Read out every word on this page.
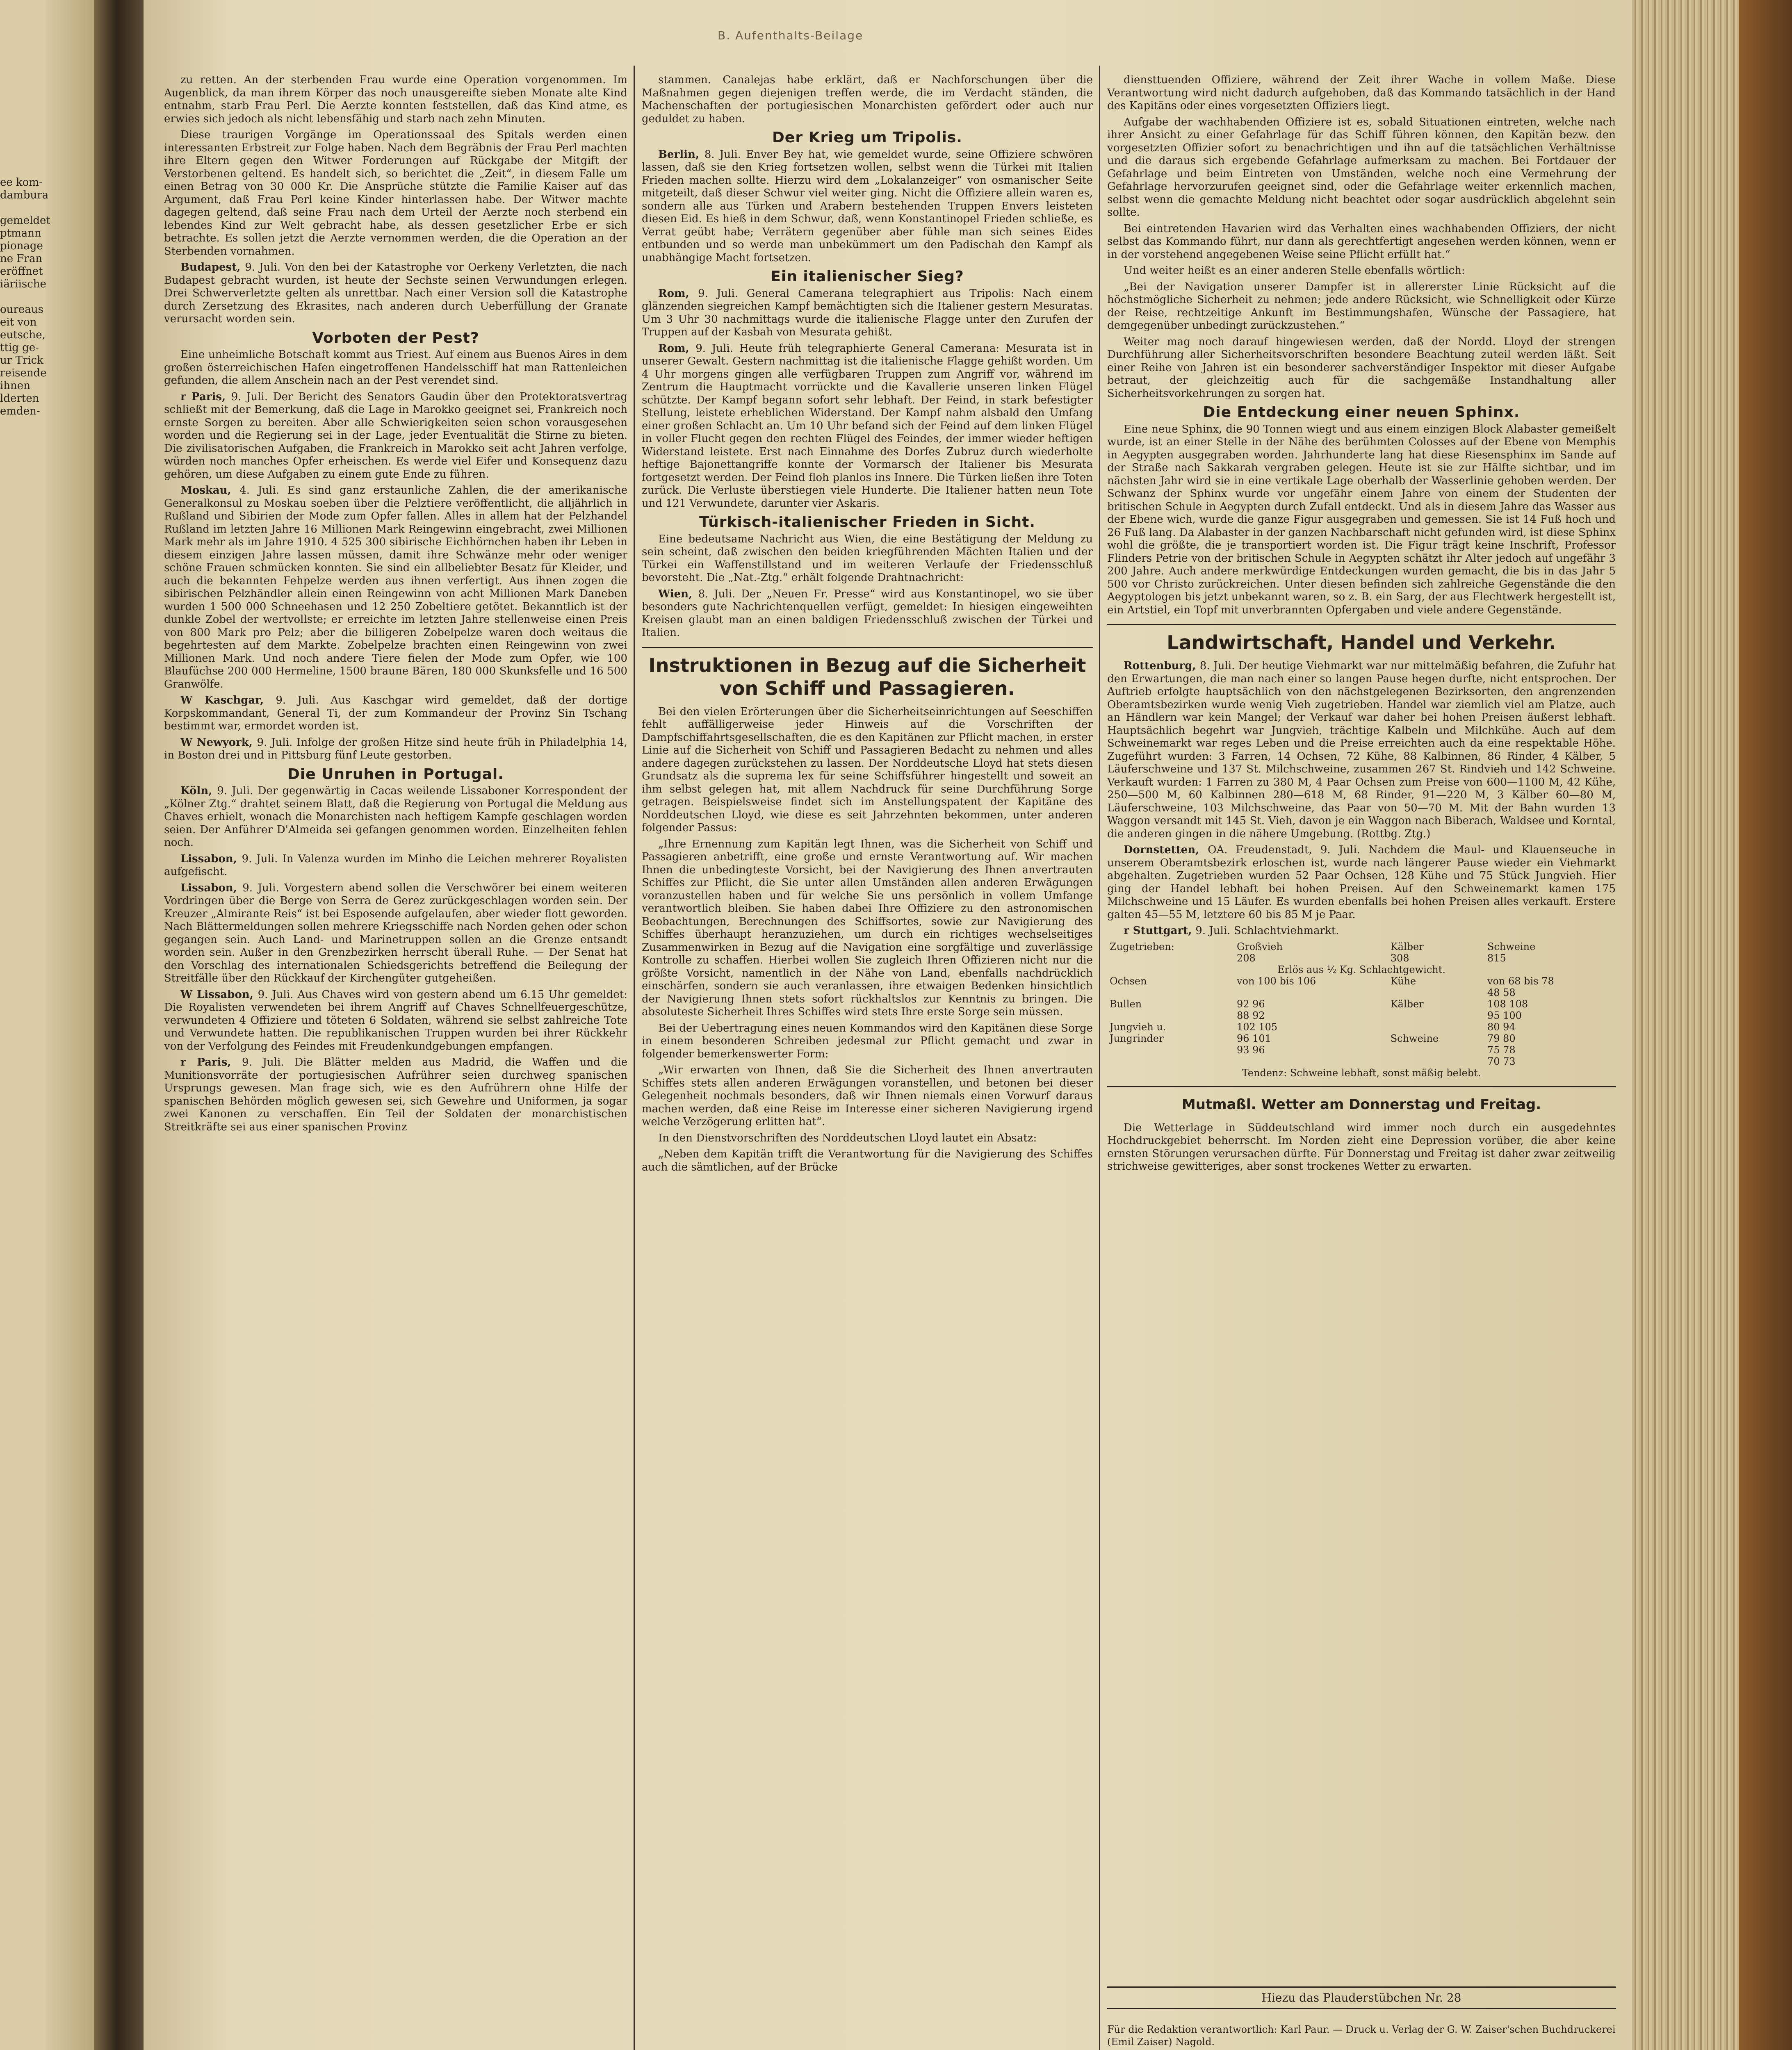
ee kom-
dambura

gemeldet
ptmann
pionage
ne Fran
eröffnet
iäriische

oureaus
eit von
eutsche,
ttig ge-
ur Trick
reisende
ihnen
lderten
emden-
B. Aufenthalts-Beilage

zu retten. An der sterbenden Frau wurde eine Operation vorgenommen. Im Augenblick, da man ihrem Körper das noch unausgereifte sieben Monate alte Kind entnahm, starb Frau Perl. Die Aerzte konnten feststellen, daß das Kind atme, es erwies sich jedoch als nicht lebensfähig und starb nach zehn Minuten.

Diese traurigen Vorgänge im Operationssaal des Spitals werden einen interessanten Erbstreit zur Folge haben. Nach dem Begräbnis der Frau Perl machten ihre Eltern gegen den Witwer Forderungen auf Rückgabe der Mitgift der Verstorbenen geltend. Es handelt sich, so berichtet die „Zeit“, in diesem Falle um einen Betrag von 30 000 Kr. Die Ansprüche stützte die Familie Kaiser auf das Argument, daß Frau Perl keine Kinder hinterlassen habe. Der Witwer machte dagegen geltend, daß seine Frau nach dem Urteil der Aerzte noch sterbend ein lebendes Kind zur Welt gebracht habe, als dessen gesetzlicher Erbe er sich betrachte. Es sollen jetzt die Aerzte vernommen werden, die die Operation an der Sterbenden vornahmen.

Budapest, 9. Juli. Von den bei der Katastrophe vor Oerkeny Verletzten, die nach Budapest gebracht wurden, ist heute der Sechste seinen Verwundungen erlegen. Drei Schwerverletzte gelten als unrettbar. Nach einer Version soll die Katastrophe durch Zersetzung des Ekrasites, nach anderen durch Ueberfüllung der Granate verursacht worden sein.

Vorboten der Pest?

Eine unheimliche Botschaft kommt aus Triest. Auf einem aus Buenos Aires in dem großen österreichischen Hafen eingetroffenen Handelsschiff hat man Rattenleichen gefunden, die allem Anschein nach an der Pest verendet sind.

r Paris, 9. Juli. Der Bericht des Senators Gaudin über den Protektoratsvertrag schließt mit der Bemerkung, daß die Lage in Marokko geeignet sei, Frankreich noch ernste Sorgen zu bereiten. Aber alle Schwierigkeiten seien schon vorausgesehen worden und die Regierung sei in der Lage, jeder Eventualität die Stirne zu bieten. Die zivilisatorischen Aufgaben, die Frankreich in Marokko seit acht Jahren verfolge, würden noch manches Opfer erheischen. Es werde viel Eifer und Konsequenz dazu gehören, um diese Aufgaben zu einem gute Ende zu führen.

Moskau, 4. Juli. Es sind ganz erstaunliche Zahlen, die der amerikanische Generalkonsul zu Moskau soeben über die Pelztiere veröffentlicht, die alljährlich in Rußland und Sibirien der Mode zum Opfer fallen. Alles in allem hat der Pelzhandel Rußland im letzten Jahre 16 Millionen Mark Reingewinn eingebracht, zwei Millionen Mark mehr als im Jahre 1910. 4 525 300 sibirische Eichhörnchen haben ihr Leben in diesem einzigen Jahre lassen müssen, damit ihre Schwänze mehr oder weniger schöne Frauen schmücken konnten. Sie sind ein allbeliebter Besatz für Kleider, und auch die bekannten Fehpelze werden aus ihnen verfertigt. Aus ihnen zogen die sibirischen Pelzhändler allein einen Reingewinn von acht Millionen Mark Daneben wurden 1 500 000 Schneehasen und 12 250 Zobeltiere getötet. Bekanntlich ist der dunkle Zobel der wertvollste; er erreichte im letzten Jahre stellenweise einen Preis von 800 Mark pro Pelz; aber die billigeren Zobelpelze waren doch weitaus die begehrtesten auf dem Markte. Zobelpelze brachten einen Reingewinn von zwei Millionen Mark. Und noch andere Tiere fielen der Mode zum Opfer, wie 100 Blaufüchse 200 000 Hermeline, 1500 braune Bären, 180 000 Skunksfelle und 16 500 Granwölfe.

W Kaschgar, 9. Juli. Aus Kaschgar wird gemeldet, daß der dortige Korpskommandant, General Ti, der zum Kommandeur der Provinz Sin Tschang bestimmt war, ermordet worden ist.

W Newyork, 9. Juli. Infolge der großen Hitze sind heute früh in Philadelphia 14, in Boston drei und in Pittsburg fünf Leute gestorben.

Die Unruhen in Portugal.

Köln, 9. Juli. Der gegenwärtig in Cacas weilende Lissaboner Korrespondent der „Kölner Ztg.“ drahtet seinem Blatt, daß die Regierung von Portugal die Meldung aus Chaves erhielt, wonach die Monarchisten nach heftigem Kampfe geschlagen worden seien. Der Anführer D'Almeida sei gefangen genommen worden. Einzelheiten fehlen noch.

Lissabon, 9. Juli. In Valenza wurden im Minho die Leichen mehrerer Royalisten aufgefischt.

Lissabon, 9. Juli. Vorgestern abend sollen die Verschwörer bei einem weiteren Vordringen über die Berge von Serra de Gerez zurückgeschlagen worden sein. Der Kreuzer „Almirante Reis“ ist bei Esposende aufgelaufen, aber wieder flott geworden. Nach Blättermeldungen sollen mehrere Kriegsschiffe nach Norden gehen oder schon gegangen sein. Auch Land- und Marinetruppen sollen an die Grenze entsandt worden sein. Außer in den Grenzbezirken herrscht überall Ruhe. — Der Senat hat den Vorschlag des internationalen Schiedsgerichts betreffend die Beilegung der Streitfälle über den Rückkauf der Kirchengüter gutgeheißen.

W Lissabon, 9. Juli. Aus Chaves wird von gestern abend um 6.15 Uhr gemeldet: Die Royalisten verwendeten bei ihrem Angriff auf Chaves Schnellfeuergeschütze, verwundeten 4 Offiziere und töteten 6 Soldaten, während sie selbst zahlreiche Tote und Verwundete hatten. Die republikanischen Truppen wurden bei ihrer Rückkehr von der Verfolgung des Feindes mit Freudenkundgebungen empfangen.

r Paris, 9. Juli. Die Blätter melden aus Madrid, die Waffen und die Munitionsvorräte der portugiesischen Aufrührer seien durchweg spanischen Ursprungs gewesen. Man frage sich, wie es den Aufrührern ohne Hilfe der spanischen Behörden möglich gewesen sei, sich Gewehre und Uniformen, ja sogar zwei Kanonen zu verschaffen. Ein Teil der Soldaten der monarchistischen Streitkräfte sei aus einer spanischen Provinz

stammen. Canalejas habe erklärt, daß er Nachforschungen über die Maßnahmen gegen diejenigen treffen werde, die im Verdacht ständen, die Machenschaften der portugiesischen Monarchisten gefördert oder auch nur geduldet zu haben.

Der Krieg um Tripolis.

Berlin, 8. Juli. Enver Bey hat, wie gemeldet wurde, seine Offiziere schwören lassen, daß sie den Krieg fortsetzen wollen, selbst wenn die Türkei mit Italien Frieden machen sollte. Hierzu wird dem „Lokalanzeiger“ von osmanischer Seite mitgeteilt, daß dieser Schwur viel weiter ging. Nicht die Offiziere allein waren es, sondern alle aus Türken und Arabern bestehenden Truppen Envers leisteten diesen Eid. Es hieß in dem Schwur, daß, wenn Konstantinopel Frieden schließe, es Verrat geübt habe; Verrätern gegenüber aber fühle man sich seines Eides entbunden und so werde man unbekümmert um den Padischah den Kampf als unabhängige Macht fortsetzen.

Ein italienischer Sieg?

Rom, 9. Juli. General Camerana telegraphiert aus Tripolis: Nach einem glänzenden siegreichen Kampf bemächtigten sich die Italiener gestern Mesuratas. Um 3 Uhr 30 nachmittags wurde die italienische Flagge unter den Zurufen der Truppen auf der Kasbah von Mesurata gehißt.

Rom, 9. Juli. Heute früh telegraphierte General Camerana: Mesurata ist in unserer Gewalt. Gestern nachmittag ist die italienische Flagge gehißt worden. Um 4 Uhr morgens gingen alle verfügbaren Truppen zum Angriff vor, während im Zentrum die Hauptmacht vorrückte und die Kavallerie unseren linken Flügel schützte. Der Kampf begann sofort sehr lebhaft. Der Feind, in stark befestigter Stellung, leistete erheblichen Widerstand. Der Kampf nahm alsbald den Umfang einer großen Schlacht an. Um 10 Uhr befand sich der Feind auf dem linken Flügel in voller Flucht gegen den rechten Flügel des Feindes, der immer wieder heftigen Widerstand leistete. Erst nach Einnahme des Dorfes Zubruz durch wiederholte heftige Bajonettangriffe konnte der Vormarsch der Italiener bis Mesurata fortgesetzt werden. Der Feind floh planlos ins Innere. Die Türken ließen ihre Toten zurück. Die Verluste überstiegen viele Hunderte. Die Italiener hatten neun Tote und 121 Verwundete, darunter vier Askaris.

Türkisch-italienischer Frieden in Sicht.

Eine bedeutsame Nachricht aus Wien, die eine Bestätigung der Meldung zu sein scheint, daß zwischen den beiden kriegführenden Mächten Italien und der Türkei ein Waffenstillstand und im weiteren Verlaufe der Friedensschluß bevorsteht. Die „Nat.-Ztg.“ erhält folgende Drahtnachricht:

Wien, 8. Juli. Der „Neuen Fr. Presse“ wird aus Konstantinopel, wo sie über besonders gute Nachrichtenquellen verfügt, gemeldet: In hiesigen eingeweihten Kreisen glaubt man an einen baldigen Friedensschluß zwischen der Türkei und Italien.

Instruktionen in Bezug auf die Sicherheit von Schiff und Passagieren.

Bei den vielen Erörterungen über die Sicherheitseinrichtungen auf Seeschiffen fehlt auffälligerweise jeder Hinweis auf die Vorschriften der Dampfschiffahrtsgesellschaften, die es den Kapitänen zur Pflicht machen, in erster Linie auf die Sicherheit von Schiff und Passagieren Bedacht zu nehmen und alles andere dagegen zurückstehen zu lassen. Der Norddeutsche Lloyd hat stets diesen Grundsatz als die suprema lex für seine Schiffsführer hingestellt und soweit an ihm selbst gelegen hat, mit allem Nachdruck für seine Durchführung Sorge getragen. Beispielsweise findet sich im Anstellungspatent der Kapitäne des Norddeutschen Lloyd, wie diese es seit Jahrzehnten bekommen, unter anderen folgender Passus:

„Ihre Ernennung zum Kapitän legt Ihnen, was die Sicherheit von Schiff und Passagieren anbetrifft, eine große und ernste Verantwortung auf. Wir machen Ihnen die unbedingteste Vorsicht, bei der Navigierung des Ihnen anvertrauten Schiffes zur Pflicht, die Sie unter allen Umständen allen anderen Erwägungen voranzustellen haben und für welche Sie uns persönlich in vollem Umfange verantwortlich bleiben. Sie haben dabei Ihre Offiziere zu den astronomischen Beobachtungen, Berechnungen des Schiffsortes, sowie zur Navigierung des Schiffes überhaupt heranzuziehen, um durch ein richtiges wechselseitiges Zusammenwirken in Bezug auf die Navigation eine sorgfältige und zuverlässige Kontrolle zu schaffen. Hierbei wollen Sie zugleich Ihren Offizieren nicht nur die größte Vorsicht, namentlich in der Nähe von Land, ebenfalls nachdrücklich einschärfen, sondern sie auch veranlassen, ihre etwaigen Bedenken hinsichtlich der Navigierung Ihnen stets sofort rückhaltslos zur Kenntnis zu bringen. Die absoluteste Sicherheit Ihres Schiffes wird stets Ihre erste Sorge sein müssen.

Bei der Uebertragung eines neuen Kommandos wird den Kapitänen diese Sorge in einem besonderen Schreiben jedesmal zur Pflicht gemacht und zwar in folgender bemerkenswerter Form:

„Wir erwarten von Ihnen, daß Sie die Sicherheit des Ihnen anvertrauten Schiffes stets allen anderen Erwägungen voranstellen, und betonen bei dieser Gelegenheit nochmals besonders, daß wir Ihnen niemals einen Vorwurf daraus machen werden, daß eine Reise im Interesse einer sicheren Navigierung irgend welche Verzögerung erlitten hat“.

In den Dienstvorschriften des Norddeutschen Lloyd lautet ein Absatz:

„Neben dem Kapitän trifft die Verantwortung für die Navigierung des Schiffes auch die sämtlichen, auf der Brücke

diensttuenden Offiziere, während der Zeit ihrer Wache in vollem Maße. Diese Verantwortung wird nicht dadurch aufgehoben, daß das Kommando tatsächlich in der Hand des Kapitäns oder eines vorgesetzten Offiziers liegt.

Aufgabe der wachhabenden Offiziere ist es, sobald Situationen eintreten, welche nach ihrer Ansicht zu einer Gefahrlage für das Schiff führen können, den Kapitän bezw. den vorgesetzten Offizier sofort zu benachrichtigen und ihn auf die tatsächlichen Verhältnisse und die daraus sich ergebende Gefahrlage aufmerksam zu machen. Bei Fortdauer der Gefahrlage und beim Eintreten von Umständen, welche noch eine Vermehrung der Gefahrlage hervorzurufen geeignet sind, oder die Gefahrlage weiter erkennlich machen, selbst wenn die gemachte Meldung nicht beachtet oder sogar ausdrücklich abgelehnt sein sollte.

Bei eintretenden Havarien wird das Verhalten eines wachhabenden Offiziers, der nicht selbst das Kommando führt, nur dann als gerechtfertigt angesehen werden können, wenn er in der vorstehend angegebenen Weise seine Pflicht erfüllt hat.“

Und weiter heißt es an einer anderen Stelle ebenfalls wörtlich:

„Bei der Navigation unserer Dampfer ist in allererster Linie Rücksicht auf die höchstmögliche Sicherheit zu nehmen; jede andere Rücksicht, wie Schnelligkeit oder Kürze der Reise, rechtzeitige Ankunft im Bestimmungshafen, Wünsche der Passagiere, hat demgegenüber unbedingt zurückzustehen.“

Weiter mag noch darauf hingewiesen werden, daß der Nordd. Lloyd der strengen Durchführung aller Sicherheitsvorschriften besondere Beachtung zuteil werden läßt. Seit einer Reihe von Jahren ist ein besonderer sachverständiger Inspektor mit dieser Aufgabe betraut, der gleichzeitig auch für die sachgemäße Instandhaltung aller Sicherheitsvorkehrungen zu sorgen hat.

Die Entdeckung einer neuen Sphinx.

Eine neue Sphinx, die 90 Tonnen wiegt und aus einem einzigen Block Alabaster gemeißelt wurde, ist an einer Stelle in der Nähe des berühmten Colosses auf der Ebene von Memphis in Aegypten ausgegraben worden. Jahrhunderte lang hat diese Riesensphinx im Sande auf der Straße nach Sakkarah vergraben gelegen. Heute ist sie zur Hälfte sichtbar, und im nächsten Jahr wird sie in eine vertikale Lage oberhalb der Wasserlinie gehoben werden. Der Schwanz der Sphinx wurde vor ungefähr einem Jahre von einem der Studenten der britischen Schule in Aegypten durch Zufall entdeckt. Und als in diesem Jahre das Wasser aus der Ebene wich, wurde die ganze Figur ausgegraben und gemessen. Sie ist 14 Fuß hoch und 26 Fuß lang. Da Alabaster in der ganzen Nachbarschaft nicht gefunden wird, ist diese Sphinx wohl die größte, die je transportiert worden ist. Die Figur trägt keine Inschrift, Professor Flinders Petrie von der britischen Schule in Aegypten schätzt ihr Alter jedoch auf ungefähr 3 200 Jahre. Auch andere merkwürdige Entdeckungen wurden gemacht, die bis in das Jahr 5 500 vor Christo zurückreichen. Unter diesen befinden sich zahlreiche Gegenstände die den Aegyptologen bis jetzt unbekannt waren, so z. B. ein Sarg, der aus Flechtwerk hergestellt ist, ein Artstiel, ein Topf mit unverbrannten Opfergaben und viele andere Gegenstände.

Landwirtschaft, Handel und Verkehr.

Rottenburg, 8. Juli. Der heutige Viehmarkt war nur mittelmäßig befahren, die Zufuhr hat den Erwartungen, die man nach einer so langen Pause hegen durfte, nicht entsprochen. Der Auftrieb erfolgte hauptsächlich von den nächstgelegenen Bezirksorten, den angrenzenden Oberamtsbezirken wurde wenig Vieh zugetrieben. Handel war ziemlich viel am Platze, auch an Händlern war kein Mangel; der Verkauf war daher bei hohen Preisen äußerst lebhaft. Hauptsächlich begehrt war Jungvieh, trächtige Kalbeln und Milchkühe. Auch auf dem Schweinemarkt war reges Leben und die Preise erreichten auch da eine respektable Höhe. Zugeführt wurden: 3 Farren, 14 Ochsen, 72 Kühe, 88 Kalbinnen, 86 Rinder, 4 Kälber, 5 Läuferschweine und 137 St. Milchschweine, zusammen 267 St. Rindvieh und 142 Schweine. Verkauft wurden: 1 Farren zu 380 M, 4 Paar Ochsen zum Preise von 600—1100 M, 42 Kühe, 250—500 M, 60 Kalbinnen 280—618 M, 68 Rinder, 91—220 M, 3 Kälber 60—80 M, Läuferschweine, 103 Milchschweine, das Paar von 50—70 M. Mit der Bahn wurden 13 Waggon versandt mit 145 St. Vieh, davon je ein Waggon nach Biberach, Waldsee und Korntal, die anderen gingen in die nähere Umgebung. (Rottbg. Ztg.)

Dornstetten, OA. Freudenstadt, 9. Juli. Nachdem die Maul- und Klauenseuche in unserem Oberamtsbezirk erloschen ist, wurde nach längerer Pause wieder ein Viehmarkt abgehalten. Zugetrieben wurden 52 Paar Ochsen, 128 Kühe und 75 Stück Jungvieh. Hier ging der Handel lebhaft bei hohen Preisen. Auf den Schweinemarkt kamen 175 Milchschweine und 15 Läufer. Es wurden ebenfalls bei hohen Preisen alles verkauft. Erstere galten 45—55 M, letztere 60 bis 85 M je Paar.

r Stuttgart, 9. Juli. Schlachtviehmarkt.

Zugetrieben:	Großvieh	Kälber	Schweine
	208	308	815
Erlös aus ½ Kg. Schlachtgewicht.			
Ochsen	von 100 bis 106	Kühe	von 68 bis 78
			48 58
Bullen	92 96	Kälber	108 108
	88 92		95 100
Jungvieh u.	102 105		80 94
Jungrinder	96 101	Schweine	79 80
	93 96		75 78
			70 73
Tendenz: Schweine lebhaft, sonst mäßig belebt.			
Mutmaßl. Wetter am Donnerstag und Freitag.

Die Wetterlage in Süddeutschland wird immer noch durch ein ausgedehntes Hochdruckgebiet beherrscht. Im Norden zieht eine Depression vorüber, die aber keine ernsten Störungen verursachen dürfte. Für Donnerstag und Freitag ist daher zwar zeitweilig strichweise gewitteriges, aber sonst trockenes Wetter zu erwarten.

Hiezu das Plauderstübchen Nr. 28
Für die Redaktion verantwortlich: Karl Paur. — Druck u. Verlag der G. W. Zaiser'schen Buchdruckerei (Emil Zaiser) Nagold.
